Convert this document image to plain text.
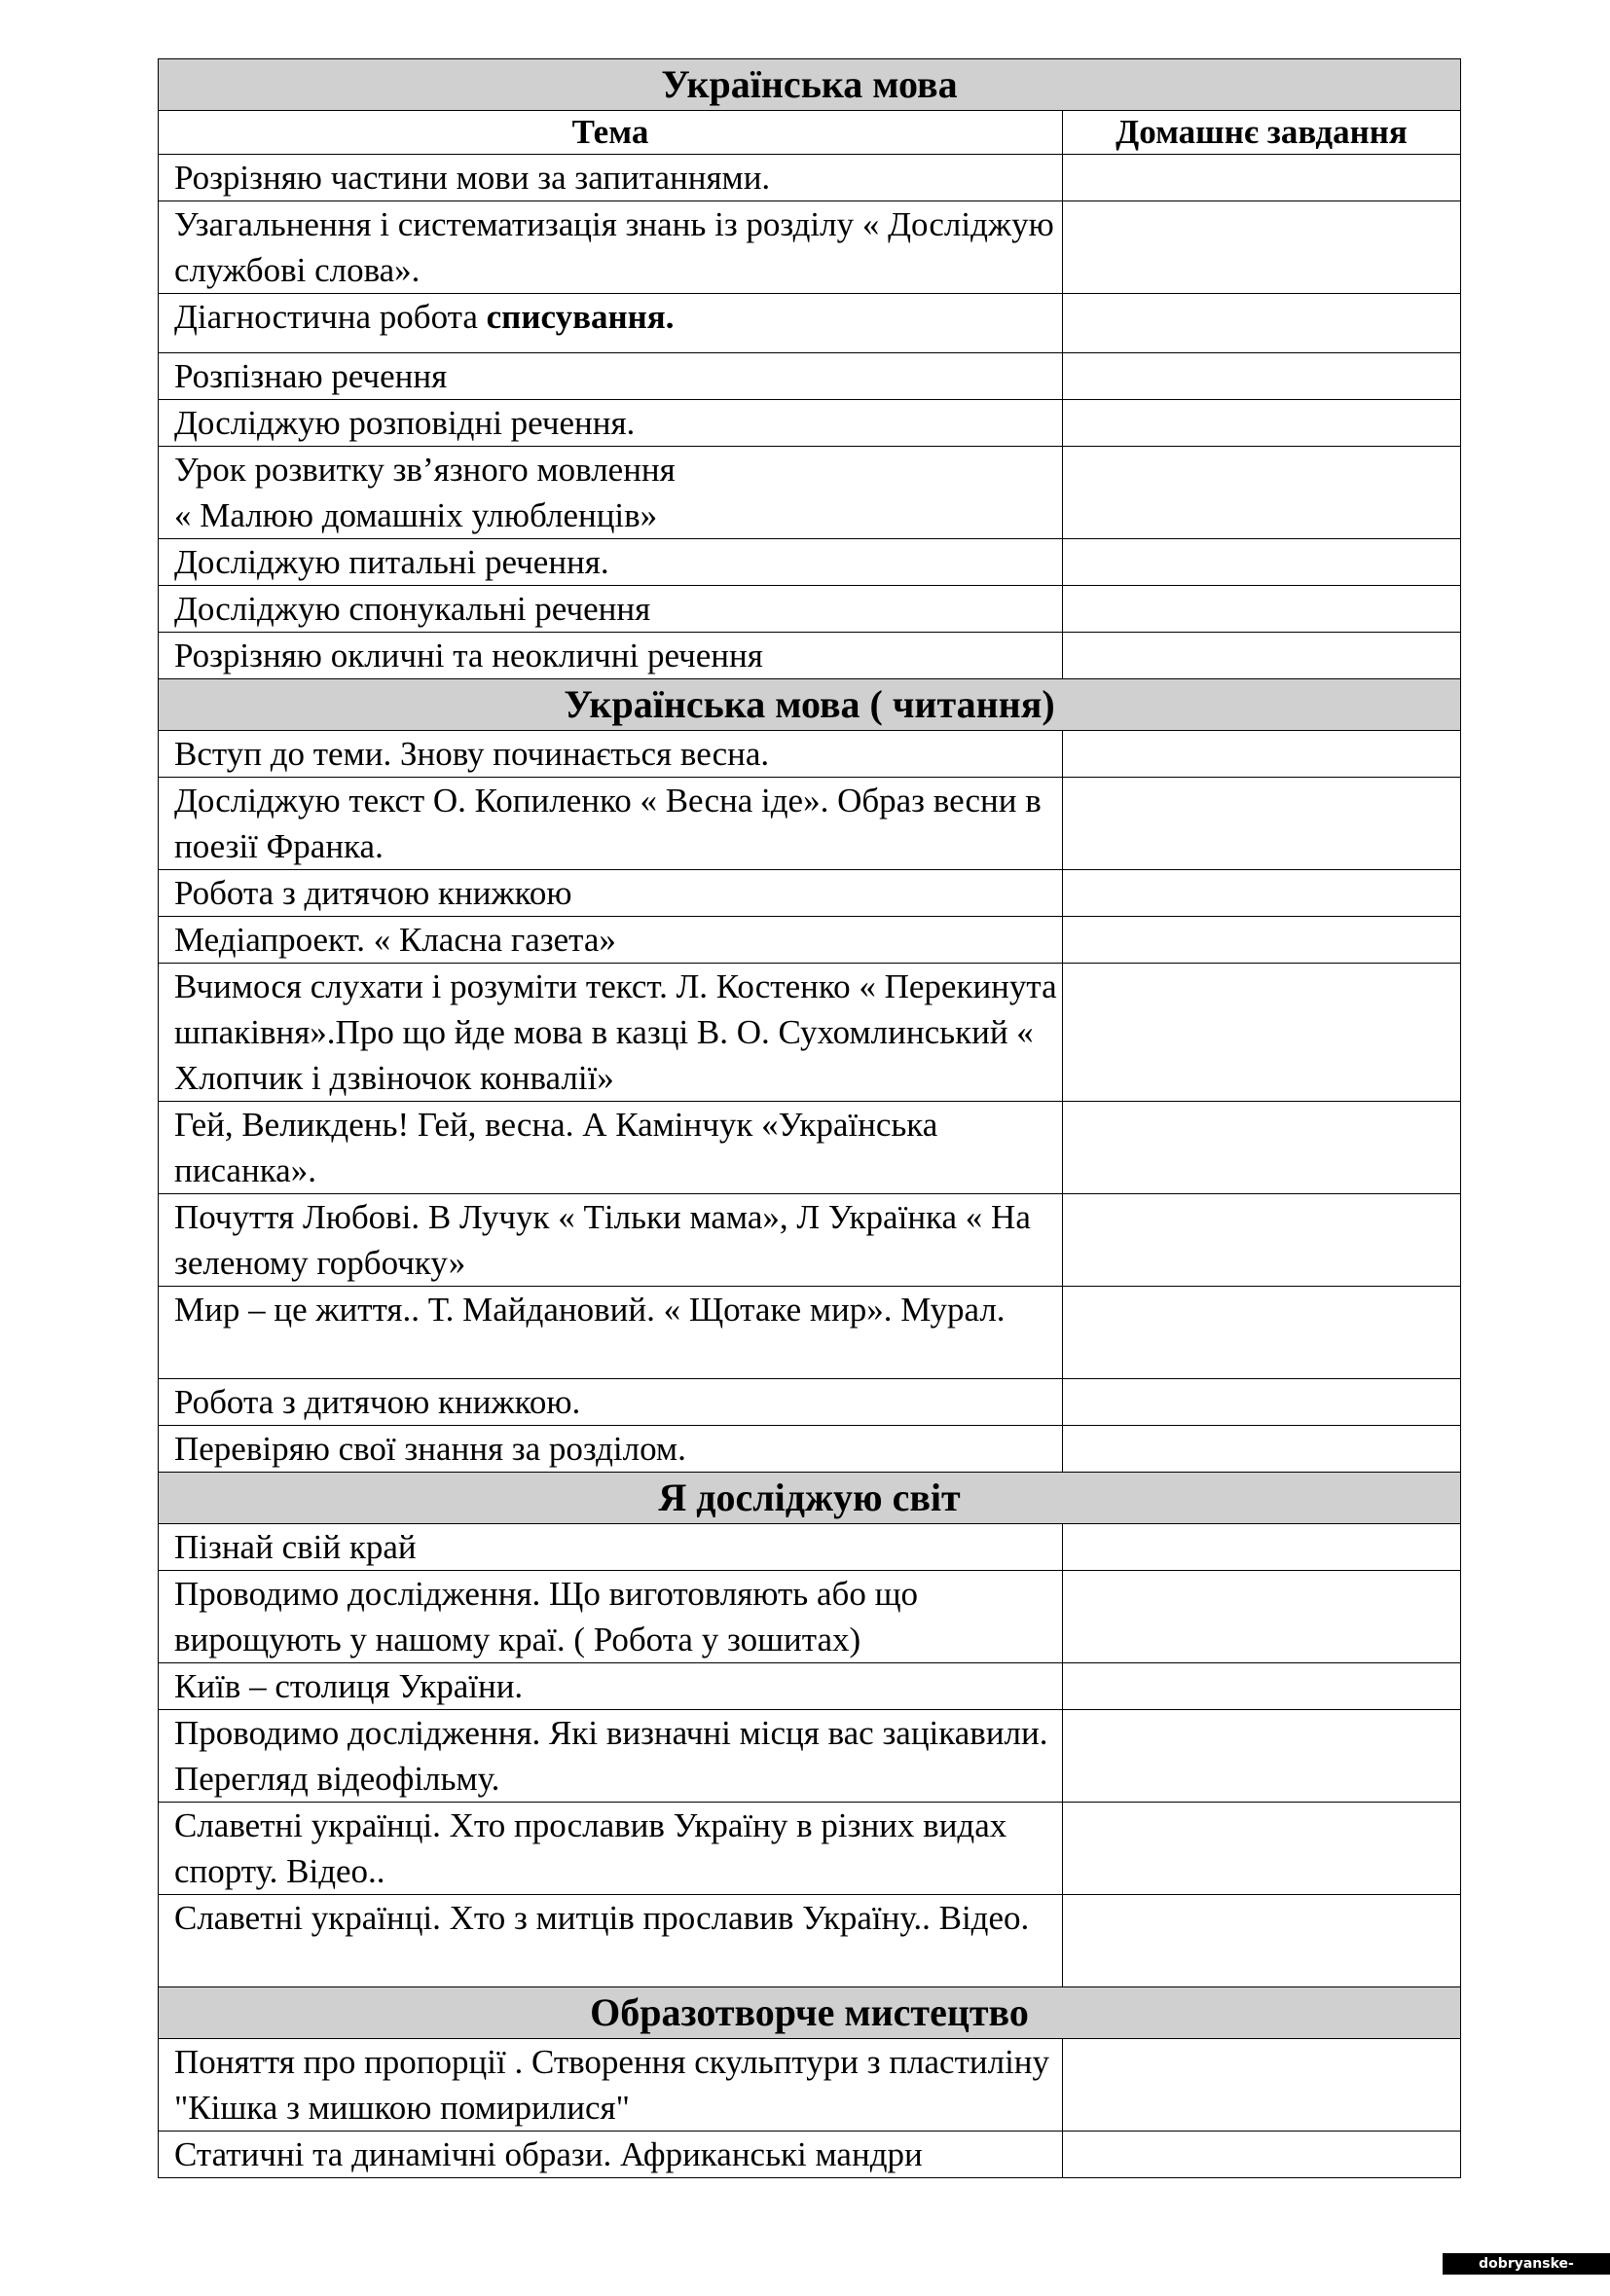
Українська мова	
Тема	Домашнє завдання
Розрізняю частини мови за запитаннями.	
Узагальнення і систематизація знань із розділу « Досліджую службові слова».	
Діагностична робота списування.	
Розпізнаю речення	
Досліджую розповідні речення.	
Урок розвитку зв’язного мовлення
« Малюю домашніх улюбленців»	
Досліджую питальні речення.	
Досліджую спонукальні речення	
Розрізняю окличні та неокличні речення	
Українська мова ( читання)	
Вступ до теми. Знову починається весна.	
Досліджую текст О. Копиленко « Весна іде». Образ весни в поезії Франка.	
Робота з дитячою книжкою	
Медіапроект. « Класна газета»	
Вчимося слухати і розуміти текст. Л. Костенко « Перекинута шпаківня».Про що йде мова в казці В. О. Сухомлинський « Хлопчик і дзвіночок конвалії»	
Гей, Великдень! Гей, весна. А Камінчук «Українська писанка».	
Почуття Любові. В Лучук « Тільки мама», Л Українка « На зеленому горбочку»	
Мир – це життя.. Т. Майдановий. « Щотаке мир». Мурал.	
Робота з дитячою книжкою.	
Перевіряю свої знання за розділом.	
Я досліджую світ	
Пізнай свій край	
Проводимо дослідження. Що виготовляють або що вирощують у нашому краї. ( Робота у зошитах)	
Київ – столиця України.	
Проводимо дослідження. Які визначні місця вас зацікавили. Перегляд відеофільму.	
Славетні українці. Хто прославив Україну в різних видах спорту. Відео..	
Славетні українці. Хто з митців прославив Україну.. Відео.	
Образотворче мистецтво	
Поняття про пропорції . Створення скульптури з пластиліну "Кішка з мишкою помирилися"	
Статичні та динамічні образи. Африканські мандри	
dobryanske-sch.ucoz.ua
